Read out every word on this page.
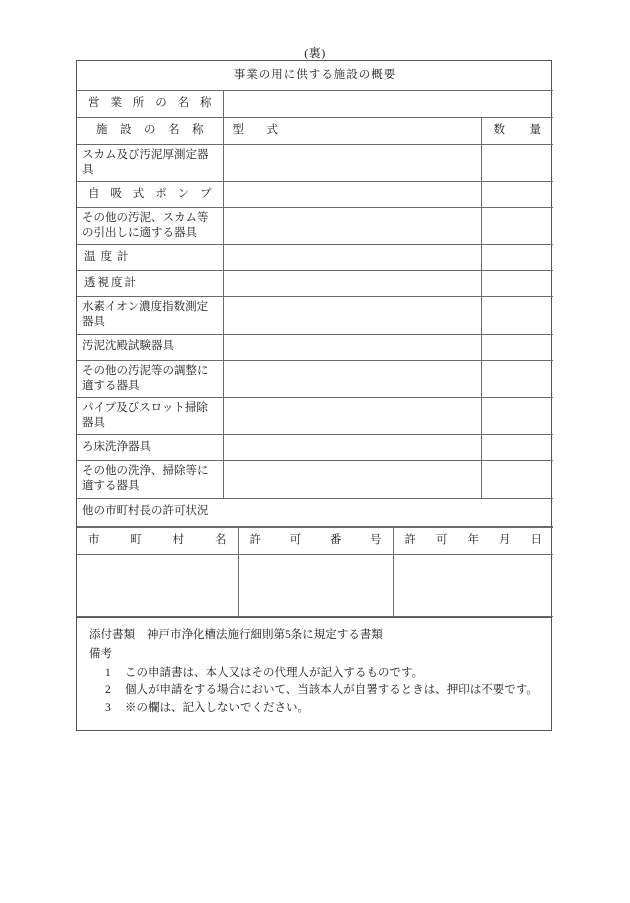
(裏)
事業の用に供する施設の概要		

営業所の名称		

施設の名称	型 式	数量

スカム及び汚泥厚測定器具		

自吸式ポンプ		

その他の汚泥、スカム等の引出しに適する器具		

温度計		

透視度計		

水素イオン濃度指数測定器具		
汚泥沈殿試験器具		
その他の汚泥等の調整に適する器具		
パイプ及びスロット掃除器具		
ろ床洗浄器具		
その他の洗浄、掃除等に適する器具		
他の市町村長の許可状況		
市町村名	許可番号	許可年月日

添付書類 神戸市浄化槽法施行細則第5条に規定する書類

備考

1 この申請書は、本人又はその代理人が記入するものです。
2 個人が申請をする場合において、当該本人が自署するときは、押印は不要です。
3 ※の欄は、記入しないでください。
